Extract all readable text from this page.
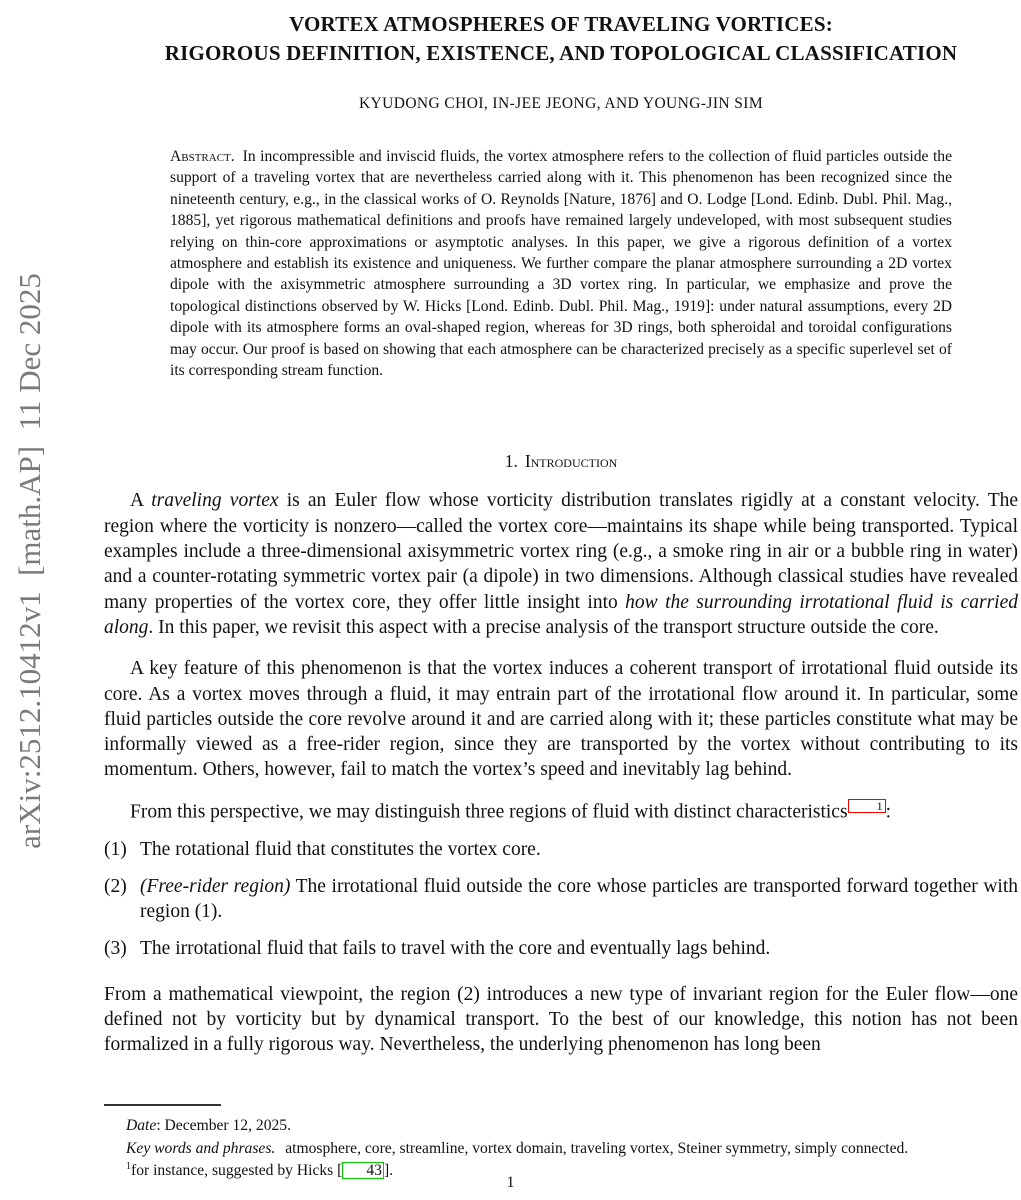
arXiv:2512.10412v1  [math.AP]  11 Dec 2025
VORTEX ATMOSPHERES OF TRAVELING VORTICES:
RIGOROUS DEFINITION, EXISTENCE, AND TOPOLOGICAL CLASSIFICATION
KYUDONG CHOI, IN-JEE JEONG, AND YOUNG-JIN SIM
Abstract. In incompressible and inviscid fluids, the vortex atmosphere refers to the collection of fluid particles outside the support of a traveling vortex that are nevertheless carried along with it. This phenomenon has been recognized since the nineteenth century, e.g., in the classical works of O. Reynolds [Nature, 1876] and O. Lodge [Lond. Edinb. Dubl. Phil. Mag., 1885], yet rigorous mathematical definitions and proofs have remained largely undeveloped, with most subsequent studies relying on thin-core approximations or asymptotic analyses. In this paper, we give a rigorous definition of a vortex atmosphere and establish its existence and uniqueness. We further compare the planar atmosphere surrounding a 2D vortex dipole with the axisymmetric atmosphere surrounding a 3D vortex ring. In particular, we emphasize and prove the topological distinctions observed by W. Hicks [Lond. Edinb. Dubl. Phil. Mag., 1919]: under natural assumptions, every 2D dipole with its atmosphere forms an oval-shaped region, whereas for 3D rings, both spheroidal and toroidal configurations may occur. Our proof is based on showing that each atmosphere can be characterized precisely as a specific superlevel set of its corresponding stream function.
1. Introduction

A traveling vortex is an Euler flow whose vorticity distribution translates rigidly at a constant velocity. The region where the vorticity is nonzero—called the vortex core—maintains its shape while being transported. Typical examples include a three-dimensional axisymmetric vortex ring (e.g., a smoke ring in air or a bubble ring in water) and a counter-rotating symmetric vortex pair (a dipole) in two dimensions. Although classical studies have revealed many properties of the vortex core, they offer little insight into how the surrounding irrotational fluid is carried along. In this paper, we revisit this aspect with a precise analysis of the transport structure outside the core.

A key feature of this phenomenon is that the vortex induces a coherent transport of irrotational fluid outside its core. As a vortex moves through a fluid, it may entrain part of the irrotational flow around it. In particular, some fluid particles outside the core revolve around it and are carried along with it; these particles constitute what may be informally viewed as a free-rider region, since they are transported by the vortex without contributing to its momentum. Others, however, fail to match the vortex’s speed and inevitably lag behind.

From this perspective, we may distinguish three regions of fluid with distinct characteristics $^1$ :

(1) The rotational fluid that constitutes the vortex core.
(2) (Free-rider region) The irrotational fluid outside the core whose particles are transported forward together with region (1).
(3) The irrotational fluid that fails to travel with the core and eventually lags behind.

From a mathematical viewpoint, the region (2) introduces a new type of invariant region for the Euler flow—one defined not by vorticity but by dynamical transport. To the best of our knowledge, this notion has not been formalized in a fully rigorous way. Nevertheless, the underlying phenomenon has long been

Date: December 12, 2025.
Key words and phrases. atmosphere, core, streamline, vortex domain, traveling vortex, Steiner symmetry, simply connected.
$^1$for instance, suggested by Hicks [ 43 ].
1
